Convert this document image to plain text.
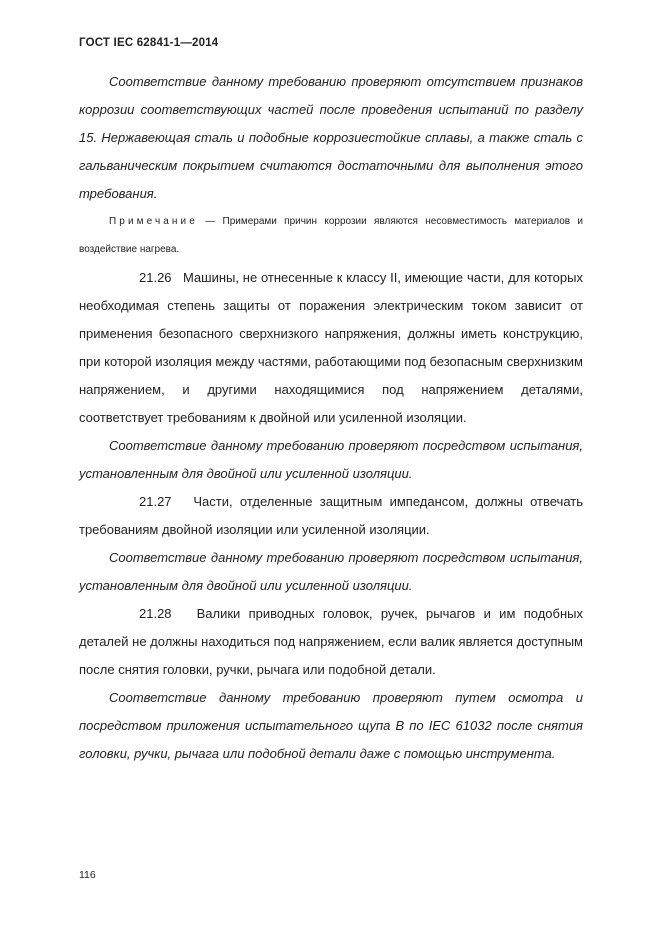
ГОСТ IEC 62841-1—2014

Соответствие данному требованию проверяют отсутствием признаков коррозии соответствующих частей после проведения испытаний по разделу 15. Нержавеющая сталь и подобные коррозиестойкие сплавы, а также сталь с гальваническим покрытием считаются достаточными для выполнения этого требования.

Примечание — Примерами причин коррозии являются несовместимость материалов и воздействие нагрева.

21.26 Машины, не отнесенные к классу II, имеющие части, для которых необходимая степень защиты от поражения электрическим током зависит от применения безопасного сверхнизкого напряжения, должны иметь конструкцию, при которой изоляция между частями, работающими под безопасным сверхнизким напряжением, и другими находящимися под напряжением деталями, соответствует требованиям к двойной или усиленной изоляции.

Соответствие данному требованию проверяют посредством испытания, установленным для двойной или усиленной изоляции.

21.27 Части, отделенные защитным импедансом, должны отвечать требованиям двойной изоляции или усиленной изоляции.

Соответствие данному требованию проверяют посредством испытания, установленным для двойной или усиленной изоляции.

21.28 Валики приводных головок, ручек, рычагов и им подобных деталей не должны находиться под напряжением, если валик является доступным после снятия головки, ручки, рычага или подобной детали.

Соответствие данному требованию проверяют путем осмотра и посредством приложения испытательного щупа B по IEC 61032 после снятия головки, ручки, рычага или подобной детали даже с помощью инструмента.

116
